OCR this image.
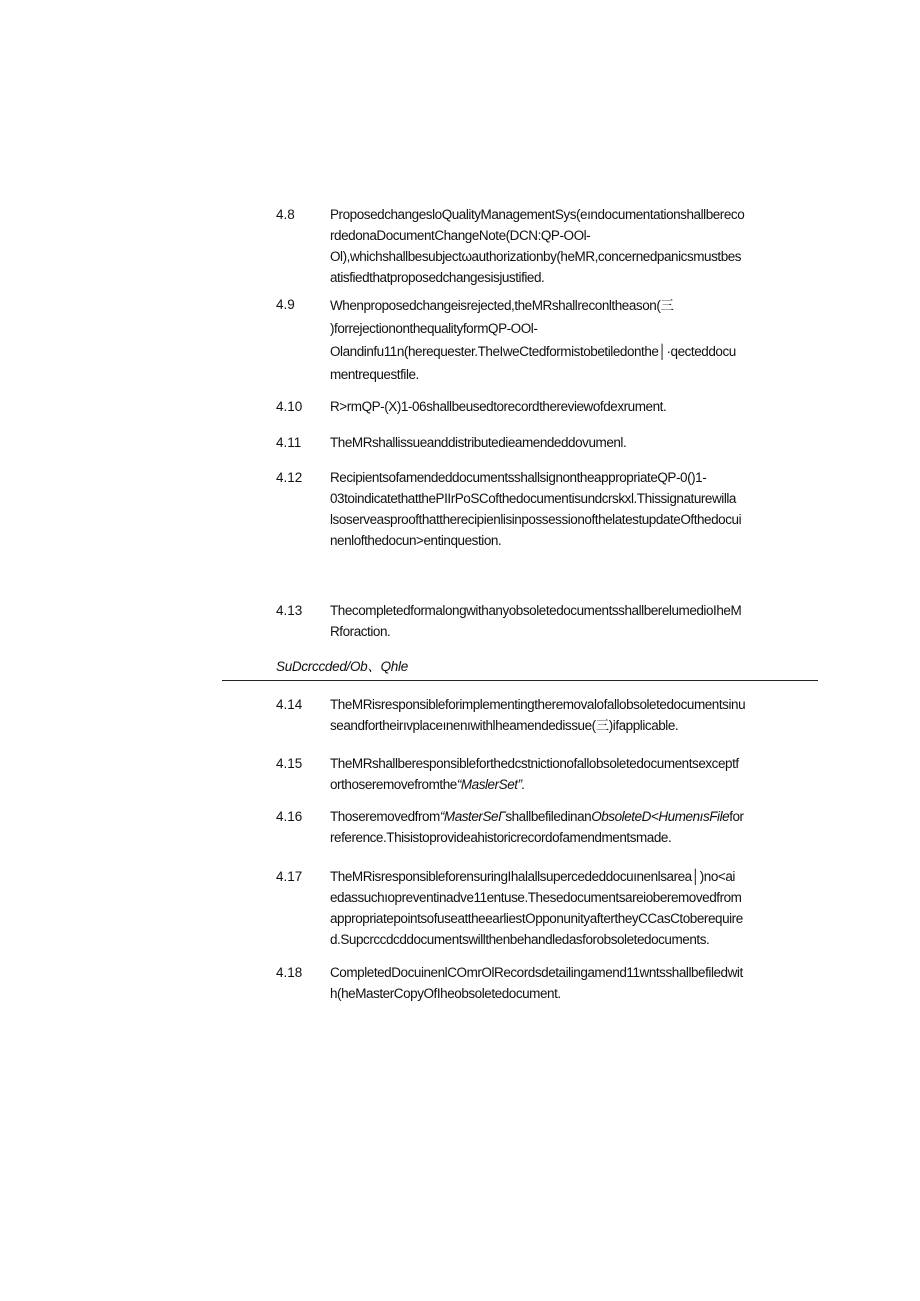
4.8	ProposedchangesloQualityManagementSys(eındocumentationshallbereco
rdedonaDocumentChangeNote(DCN:QP-OOl-
Ol),whichshallbesubjectωauthorizationby(heMR,concernedpanicsmustbes
atisfiedthatproposedchangesisjustified.
4.9	Whenproposedchangeisrejected,theMRshallreconltheason(三
)forrejectiononthequalityformQP-OOl-
Olandinfu11n(herequester.TheIweCtedformistobetiledonthe│·qecteddocu
mentrequestfile.
4.10 R>rmQP-(X)1-06shallbeusedtorecordthereviewofdexrument.
4.11 TheMRshallissueanddistributedieamendeddovumenl.
4.12 RecipientsofamendeddocumentsshallsignontheappropriateQP-0()1-
03toindicatethatthePIIrPoSCofthedocumentisundcrskxl.Thissignaturewilla
lsoserveasproofthattherecipienlisinpossessionofthelatestupdateOfthedocui
nenlofthedocun>entinquestion.
4.13 ThecompletedformalongwithanyobsoletedocumentsshallberelumedioIheM
Rforaction.
SuDcrccded/Ob、Qhle
4.14 TheMRisresponsibleforimplementingtheremovalofallobsoletedocumentsinu
seandfortheirıvplaceınenıwithlheamendedissue(三)ifapplicable.
4.15 TheMRshallberesponsibleforthedcstnictionofallobsoletedocumentsexceptf
orthoseremovefromthe“MaslerSet”.
4.16 Thoseremovedfrom“MasterSeΓshallbefiledinanObsoleteD<HumenısFilefor
reference.Thisistoprovideahistoricrecordofamendmentsmade.
4.17 TheMRisresponsibleforensuringIhalallsupercededdocuınenlsarea│)no<ai
edassuchıopreventinadve11entuse.Thesedocumentsareioberemovedfrom
appropriatepointsofuseattheearliestOpponunityaftertheyCCasCtoberequire
d.Supcrccdcddocumentswillthenbehandledasforobsoletedocuments.
4.18 CompletedDocuinenlCOmrOlRecordsdetailingamend11wntsshallbefiledwit
h(heMasterCopyOfIheobsoletedocument.
